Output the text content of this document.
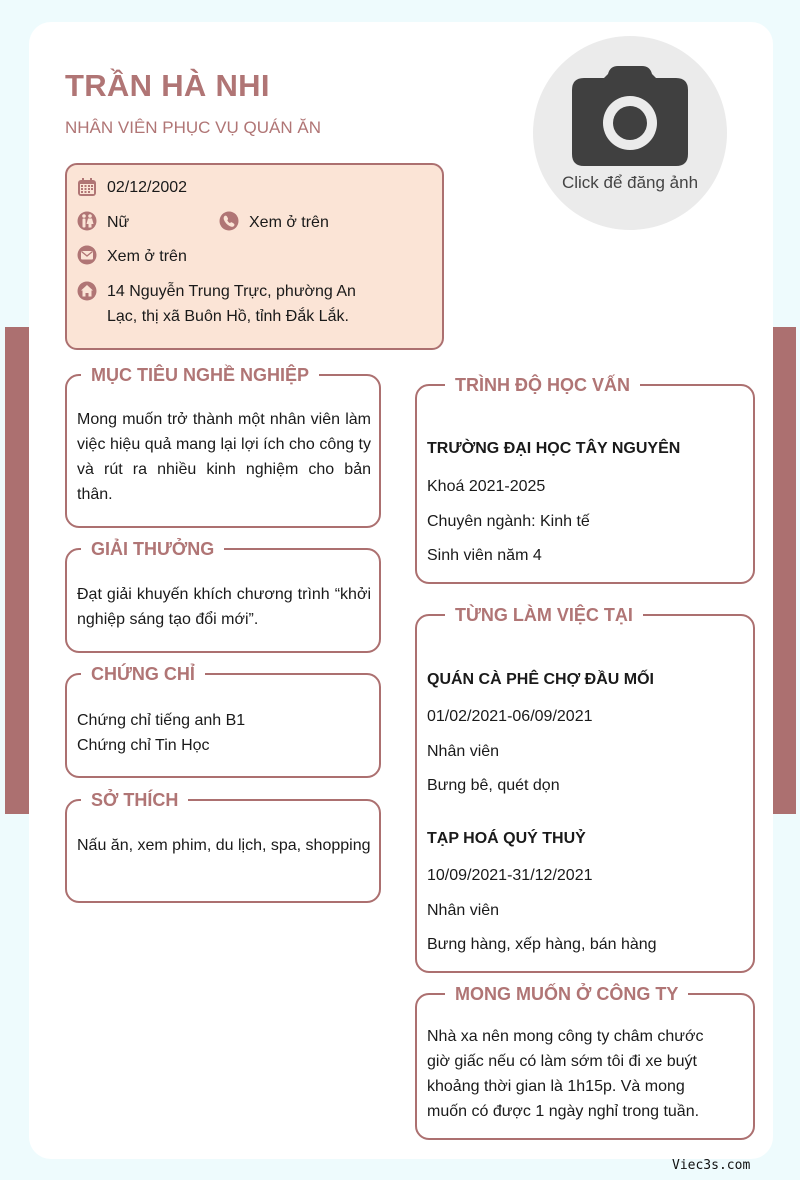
TRẦN HÀ NHI
NHÂN VIÊN PHỤC VỤ QUÁN ĂN
Click để đăng ảnh
02/12/2002
Nữ	Xem ở trên
Xem ở trên
14 Nguyễn Trung Trực, phường An
Lạc, thị xã Buôn Hồ, tỉnh Đắk Lắk.
MỤC TIÊU NGHỀ NGHIỆP
Mong muốn trở thành một nhân viên làm việc hiệu quả mang lại lợi ích cho công ty và rút ra nhiều kinh nghiệm cho bản thân.
GIẢI THƯỞNG
Đạt giải khuyến khích chương trình “khởi nghiệp sáng tạo đổi mới”.
CHỨNG CHỈ
Chứng chỉ tiếng anh B1
Chứng chỉ Tin Học
SỞ THÍCH
Nấu ăn, xem phim, du lịch, spa, shopping
TRÌNH ĐỘ HỌC VẤN
TRƯỜNG ĐẠI HỌC TÂY NGUYÊN
Khoá 2021-2025
Chuyên ngành: Kinh tế
Sinh viên năm 4
TỪNG LÀM VIỆC TẠI
QUÁN CÀ PHÊ CHỢ ĐẦU MỐI
01/02/2021-06/09/2021
Nhân viên
Bưng bê, quét dọn
TẠP HOÁ QUÝ THUỶ
10/09/2021-31/12/2021
Nhân viên
Bưng hàng, xếp hàng, bán hàng
MONG MUỐN Ở CÔNG TY
Nhà xa nên mong công ty châm chước giờ giấc nếu có làm sớm tôi đi xe buýt khoảng thời gian là 1h15p. Và mong muốn có được 1 ngày nghỉ trong tuần.
Viec3s.com
